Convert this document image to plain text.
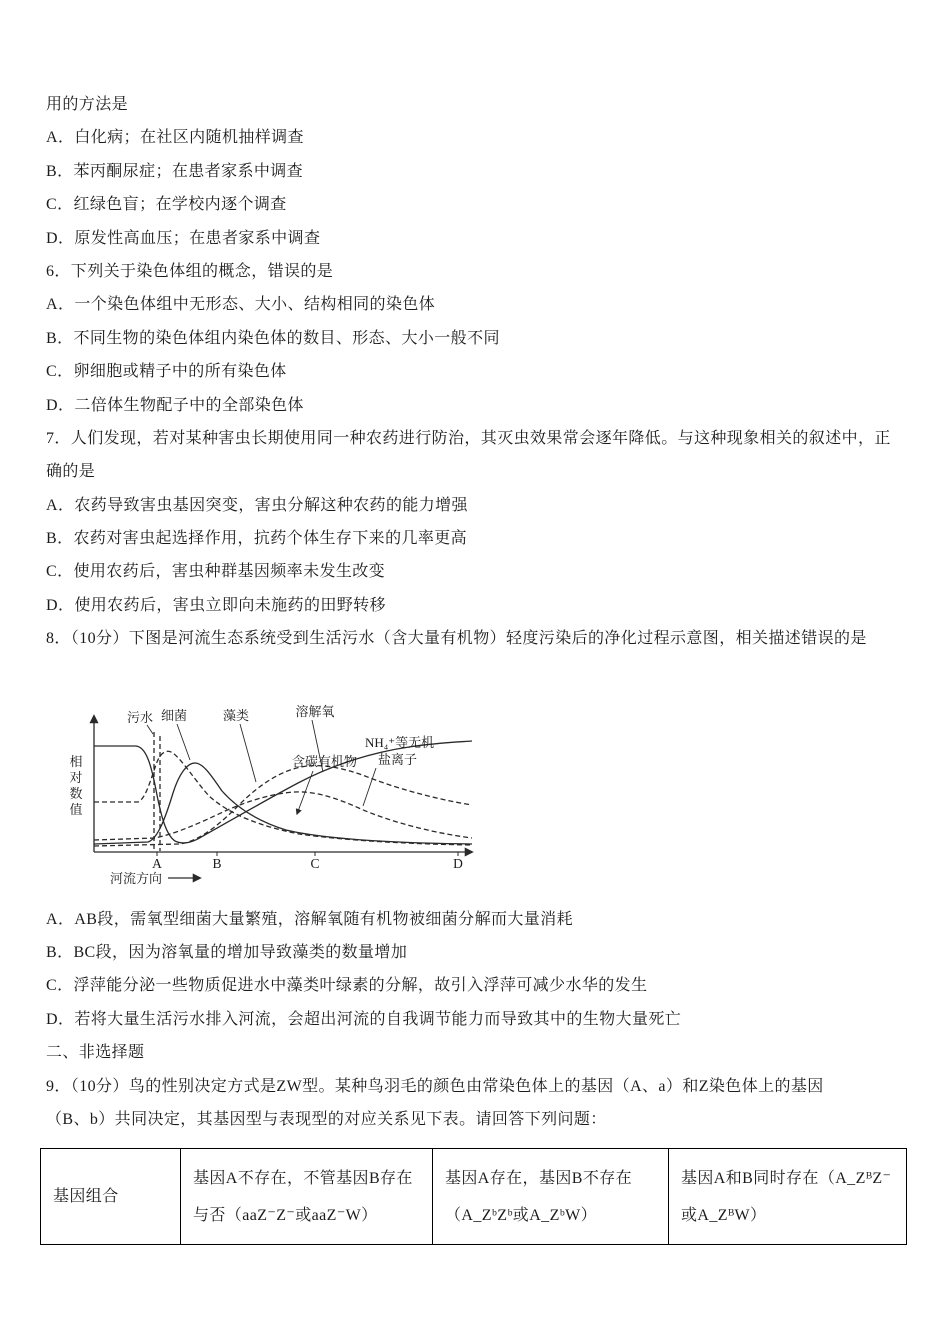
用的方法是
A．白化病；在社区内随机抽样调查
B．苯丙酮尿症；在患者家系中调查
C．红绿色盲；在学校内逐个调查
D．原发性高血压；在患者家系中调查
6．下列关于染色体组的概念，错误的是
A．一个染色体组中无形态、大小、结构相同的染色体
B．不同生物的染色体组内染色体的数目、形态、大小一般不同
C．卵细胞或精子中的所有染色体
D．二倍体生物配子中的全部染色体
7．人们发现，若对某种害虫长期使用同一种农药进行防治，其灭虫效果常会逐年降低。与这种现象相关的叙述中，正
确的是
A．农药导致害虫基因突变，害虫分解这种农药的能力增强
B．农药对害虫起选择作用，抗药个体生存下来的几率更高
C．使用农药后，害虫种群基因频率未发生改变
D．使用农药后，害虫立即向未施药的田野转移
8．（10分）下图是河流生态系统受到生活污水（含大量有机物）轻度污染后的净化过程示意图，相关描述错误的是
相
对
数
值
污水 细菌	藻类	溶解氧
含碳有机物
NH₄⁺等无机
盐离子
A	B	C	D
河流方向
A．AB段，需氧型细菌大量繁殖，溶解氧随有机物被细菌分解而大量消耗
B．BC段，因为溶氧量的增加导致藻类的数量增加
C．浮萍能分泌一些物质促进水中藻类叶绿素的分解，故引入浮萍可减少水华的发生
D．若将大量生活污水排入河流，会超出河流的自我调节能力而导致其中的生物大量死亡
二、非选择题
9．（10分）鸟的性别决定方式是ZW型。某种鸟羽毛的颜色由常染色体上的基因（A、a）和Z染色体上的基因
（B、b）共同决定，其基因型与表现型的对应关系见下表。请回答下列问题：
基因组合	基因A不存在，不管基因B存在与否（aaZ⁻Z⁻或aaZ⁻W）	基因A存在，基因B不存在（A_ZᵇZᵇ或A_ZᵇW）	基因A和B同时存在（A_ZᴮZ⁻或A_ZᴮW）
